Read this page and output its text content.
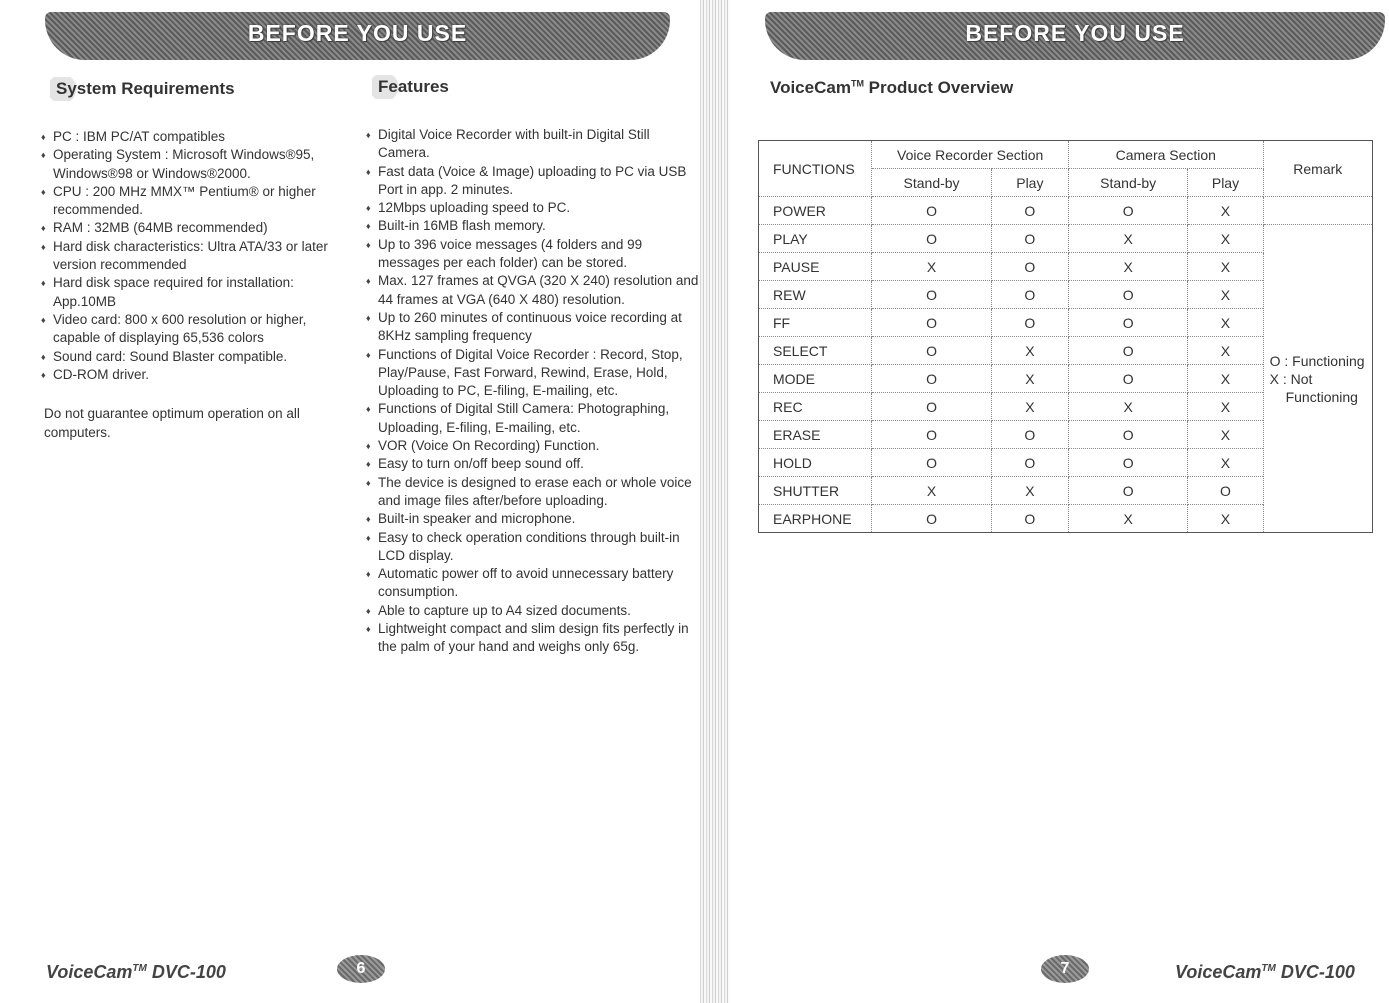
BEFORE YOU USE
System Requirements	Features
♦ PC : IBM PC/AT compatibles
♦ Operating System : Microsoft Windows®95, Windows®98 or Windows®2000.
♦ CPU : 200 MHz MMX™ Pentium® or higher recommended.
♦ RAM : 32MB (64MB recommended)
♦ Hard disk characteristics: Ultra ATA/33 or later version recommended
♦ Hard disk space required for installation: App.10MB
♦ Video card: 800 x 600 resolution or higher, capable of displaying 65,536 colors
♦ Sound card: Sound Blaster compatible.
♦ CD-ROM driver.
Do not guarantee optimum operation on all computers.
♦ Digital Voice Recorder with built-in Digital Still Camera.
♦ Fast data (Voice & Image) uploading to PC via USB Port in app. 2 minutes.
♦ 12Mbps uploading speed to PC.
♦ Built-in 16MB flash memory.
♦ Up to 396 voice messages (4 folders and 99 messages per each folder) can be stored.
♦ Max. 127 frames at QVGA (320 X 240) resolution and 44 frames at VGA (640 X 480) resolution.
♦ Up to 260 minutes of continuous voice recording at 8KHz sampling frequency
♦ Functions of Digital Voice Recorder : Record, Stop, Play/Pause, Fast Forward, Rewind, Erase, Hold, Uploading to PC, E-filing, E-mailing, etc.
♦ Functions of Digital Still Camera: Photographing, Uploading, E-filing, E-mailing, etc.
♦ VOR (Voice On Recording) Function.
♦ Easy to turn on/off beep sound off.
♦ The device is designed to erase each or whole voice and image files after/before uploading.
♦ Built-in speaker and microphone.
♦ Easy to check operation conditions through built-in LCD display.
♦ Automatic power off to avoid unnecessary battery consumption.
♦ Able to capture up to A4 sized documents.
♦ Lightweight compact and slim design fits perfectly in the palm of your hand and weighs only 65g.
VoiceCam™ DVC-100	6
BEFORE YOU USE
VoiceCam™ Product Overview
FUNCTIONS	Voice Recorder Section		Camera Section		Remark
	Stand-by	Play	Stand-by	Play	
POWER	O	O	O	X	
PLAY	O	O	X	X	O : Functioning
X : Not
Functioning

PAUSE	X	O	X	X	
REW	O	O	O	X	
FF	O	O	O	X	
SELECT	O	X	O	X	
MODE	O	X	O	X	
REC	O	X	X	X	
ERASE	O	O	O	X	
HOLD	O	O	O	X	
SHUTTER	X	X	O	O	
EARPHONE	O	O	X	X	
VoiceCam™ DVC-100
7
